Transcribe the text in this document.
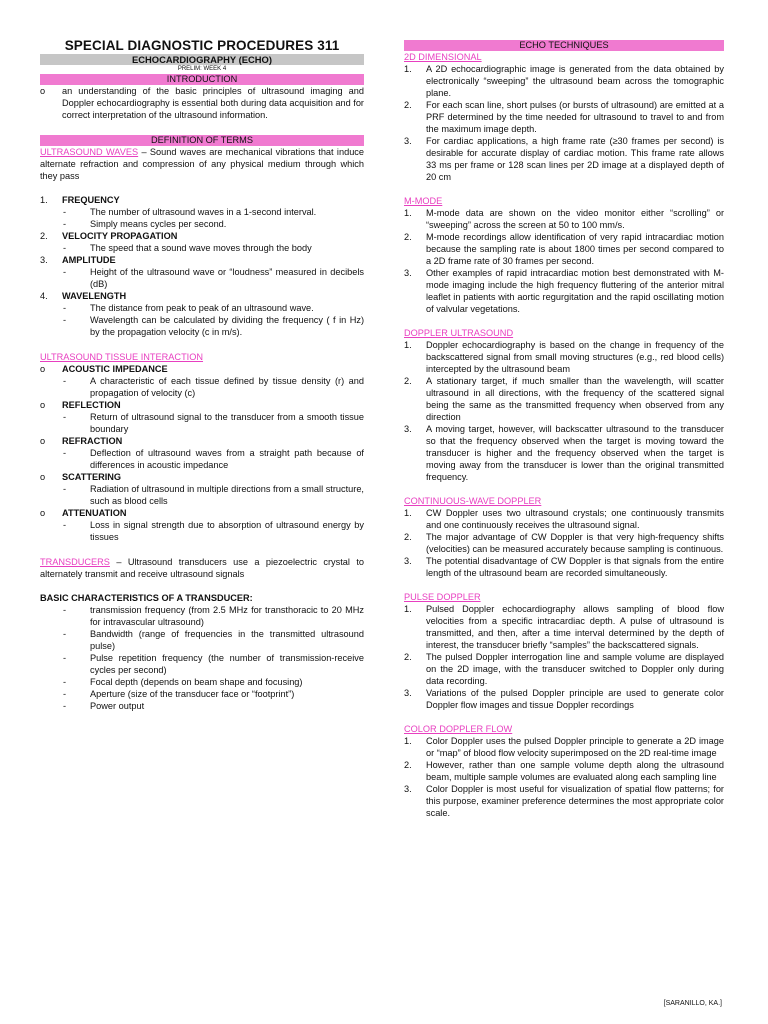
SPECIAL DIAGNOSTIC PROCEDURES 311
ECHOCARDIOGRAPHY (ECHO)
PRELIM: WEEK 4
INTRODUCTION
o	an understanding of the basic principles of ultrasound imaging and Doppler echocardiography is essential both during data acquisition and for correct interpretation of the ultrasound information.
DEFINITION OF TERMS
ULTRASOUND WAVES – Sound waves are mechanical vibrations that induce alternate refraction and compression of any physical medium through which they pass
1.	FREQUENCY
-	The number of ultrasound waves in a 1-second interval.
-	Simply means cycles per second.
2.	VELOCITY PROPAGATION
-	The speed that a sound wave moves through the body
3.	AMPLITUDE
-	Height of the ultrasound wave or “loudness” measured in decibels (dB)
4.	WAVELENGTH
-	The distance from peak to peak of an ultrasound wave.
-	Wavelength can be calculated by dividing the frequency ( f in Hz) by the propagation velocity (c in m/s).
ULTRASOUND TISSUE INTERACTION
o	ACOUSTIC IMPEDANCE
-	A characteristic of each tissue defined by tissue density (r) and propagation of velocity (c)
o	REFLECTION
-	Return of ultrasound signal to the transducer from a smooth tissue boundary
o	REFRACTION
-	Deflection of ultrasound waves from a straight path because of differences in acoustic impedance
o	SCATTERING
-	Radiation of ultrasound in multiple directions from a small structure, such as blood cells
o	ATTENUATION
-	Loss in signal strength due to absorption of ultrasound energy by tissues
TRANSDUCERS – Ultrasound transducers use a piezoelectric crystal to alternately transmit and receive ultrasound signals
BASIC CHARACTERISTICS OF A TRANSDUCER:
-	transmission frequency (from 2.5 MHz for transthoracic to 20 MHz for intravascular ultrasound)
-	Bandwidth (range of frequencies in the transmitted ultrasound pulse)
-	Pulse repetition frequency (the number of transmission-receive cycles per second)
-	Focal depth (depends on beam shape and focusing)
-	Aperture (size of the transducer face or “footprint”)
-	Power output
ECHO TECHNIQUES
2D DIMENSIONAL
1.	A 2D echocardiographic image is generated from the data obtained by electronically “sweeping” the ultrasound beam across the tomographic plane.
2.	For each scan line, short pulses (or bursts of ultrasound) are emitted at a PRF determined by the time needed for ultrasound to travel to and from the maximum image depth.
3.	For cardiac applications, a high frame rate (≥30 frames per second) is desirable for accurate display of cardiac motion. This frame rate allows 33 ms per frame or 128 scan lines per 2D image at a displayed depth of 20 cm
M-MODE
1.	M-mode data are shown on the video monitor either “scrolling” or “sweeping” across the screen at 50 to 100 mm/s.
2.	M-mode recordings allow identification of very rapid intracardiac motion because the sampling rate is about 1800 times per second compared to a 2D frame rate of 30 frames per second.
3.	Other examples of rapid intracardiac motion best demonstrated with M-mode imaging include the high frequency fluttering of the anterior mitral leaflet in patients with aortic regurgitation and the rapid oscillating motion of valvular vegetations.
DOPPLER ULTRASOUND
1.	Doppler echocardiography is based on the change in frequency of the backscattered signal from small moving structures (e.g., red blood cells) intercepted by the ultrasound beam
2.	A stationary target, if much smaller than the wavelength, will scatter ultrasound in all directions, with the frequency of the scattered signal being the same as the transmitted frequency when observed from any direction
3.	A moving target, however, will backscatter ultrasound to the transducer so that the frequency observed when the target is moving toward the transducer is higher and the frequency observed when the target is moving away from the transducer is lower than the original transmitted frequency.
CONTINUOUS-WAVE DOPPLER
1.	CW Doppler uses two ultrasound crystals; one continuously transmits and one continuously receives the ultrasound signal.
2.	The major advantage of CW Doppler is that very high-frequency shifts (velocities) can be measured accurately because sampling is continuous.
3.	The potential disadvantage of CW Doppler is that signals from the entire length of the ultrasound beam are recorded simultaneously.
PULSE DOPPLER
1.	Pulsed Doppler echocardiography allows sampling of blood flow velocities from a specific intracardiac depth. A pulse of ultrasound is transmitted, and then, after a time interval determined by the depth of interest, the transducer briefly “samples” the backscattered signals.
2.	The pulsed Doppler interrogation line and sample volume are displayed on the 2D image, with the transducer switched to Doppler only during data recording.
3.	Variations of the pulsed Doppler principle are used to generate color Doppler flow images and tissue Doppler recordings
COLOR DOPPLER FLOW
1.	Color Doppler uses the pulsed Doppler principle to generate a 2D image or “map” of blood flow velocity superimposed on the 2D real-time image
2.	However, rather than one sample volume depth along the ultrasound beam, multiple sample volumes are evaluated along each sampling line
3.	Color Doppler is most useful for visualization of spatial flow patterns; for this purpose, examiner preference determines the most appropriate color scale.
[SARANILLO, KA.]
